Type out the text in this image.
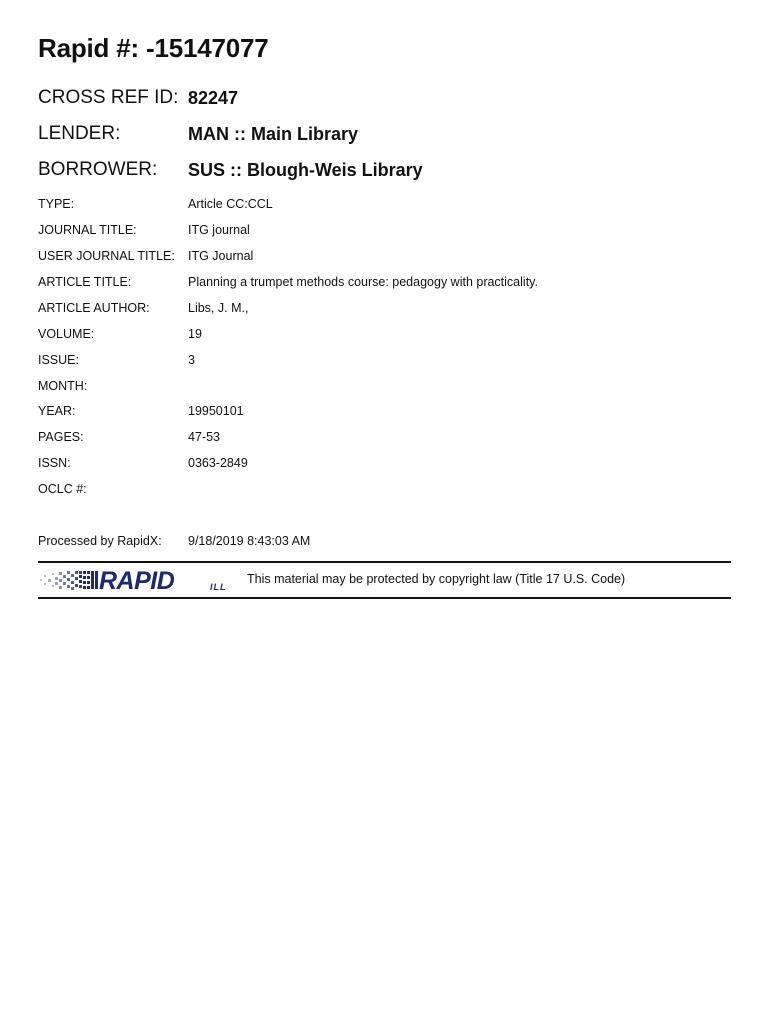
Rapid #: -15147077
CROSS REF ID: 82247
LENDER:	MAN :: Main Library
BORROWER: SUS :: Blough-Weis Library
TYPE:	Article CC:CCL
JOURNAL TITLE:	ITG journal
USER JOURNAL TITLE: ITG Journal
ARTICLE TITLE:	Planning a trumpet methods course: pedagogy with practicality.
ARTICLE AUTHOR:	Libs, J. M.,
VOLUME:	19
ISSUE:	3
MONTH:
YEAR:	19950101
PAGES:	47-53
ISSN:	0363-2849
OCLC #:
Processed by RapidX: 9/18/2019 8:43:03 AM
RAPID	ILL
This material may be protected by copyright law (Title 17 U.S. Code)
